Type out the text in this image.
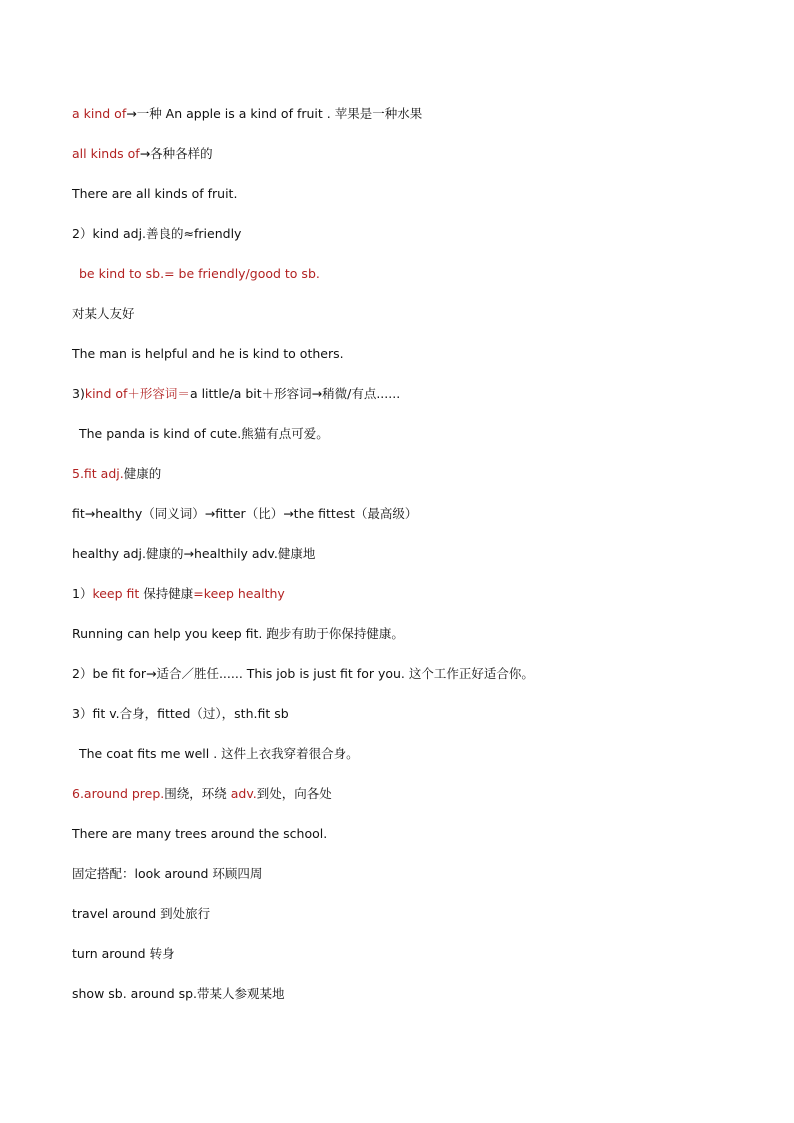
a kind of→一种 An apple is a kind of fruit . 苹果是一种水果
all kinds of→各种各样的
There are all kinds of fruit.
2）kind adj.善良的≈friendly
be kind to sb.= be friendly/good to sb.
对某人友好
The man is helpful and he is kind to others.
3)kind of＋形容词＝a little/a bit＋形容词→稍微/有点......
The panda is kind of cute.熊猫有点可爱。
5.fit adj.健康的
fit→healthy（同义词）→fitter（比）→the fittest（最高级）
healthy adj.健康的→healthily adv.健康地
1）keep fit 保持健康=keep healthy
Running can help you keep fit. 跑步有助于你保持健康。
2）be fit for→适合／胜任...... This job is just fit for you. 这个工作正好适合你。
3）fit v.合身，fitted（过），sth.fit sb
The coat fits me well . 这件上衣我穿着很合身。
6.around prep.围绕，环绕 adv.到处，向各处
There are many trees around the school.
固定搭配：look around 环顾四周
travel around 到处旅行
turn around 转身
show sb. around sp.带某人参观某地
